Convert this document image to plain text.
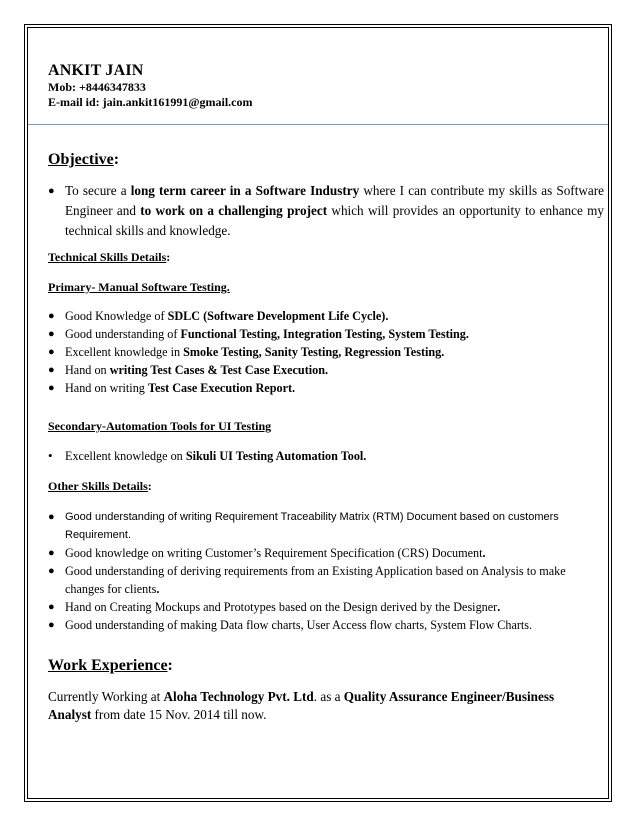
ANKIT JAIN

Mob: +8446347833

E-mail id: jain.ankit161991@gmail.com

Objective:

● To secure a long term career in a Software Industry where I can contribute my skills as Software Engineer and to work on a challenging project which will provides an opportunity to enhance my technical skills and knowledge.

Technical Skills Details:

Primary- Manual Software Testing.

● Good Knowledge of SDLC (Software Development Life Cycle).
● Good understanding of Functional Testing, Integration Testing, System Testing.
● Excellent knowledge in Smoke Testing, Sanity Testing, Regression Testing.
● Hand on writing Test Cases & Test Case Execution.
● Hand on writing Test Case Execution Report.

Secondary-Automation Tools for UI Testing

• Excellent knowledge on Sikuli UI Testing Automation Tool.

Other Skills Details:

● Good understanding of writing Requirement Traceability Matrix (RTM) Document based on customers Requirement.
● Good knowledge on writing Customer’s Requirement Specification (CRS) Document.
● Good understanding of deriving requirements from an Existing Application based on Analysis to make changes for clients.
● Hand on Creating Mockups and Prototypes based on the Design derived by the Designer.
● Good understanding of making Data flow charts, User Access flow charts, System Flow Charts.

Work Experience:

Currently Working at Aloha Technology Pvt. Ltd. as a Quality Assurance Engineer/Business Analyst from date 15 Nov. 2014 till now.
